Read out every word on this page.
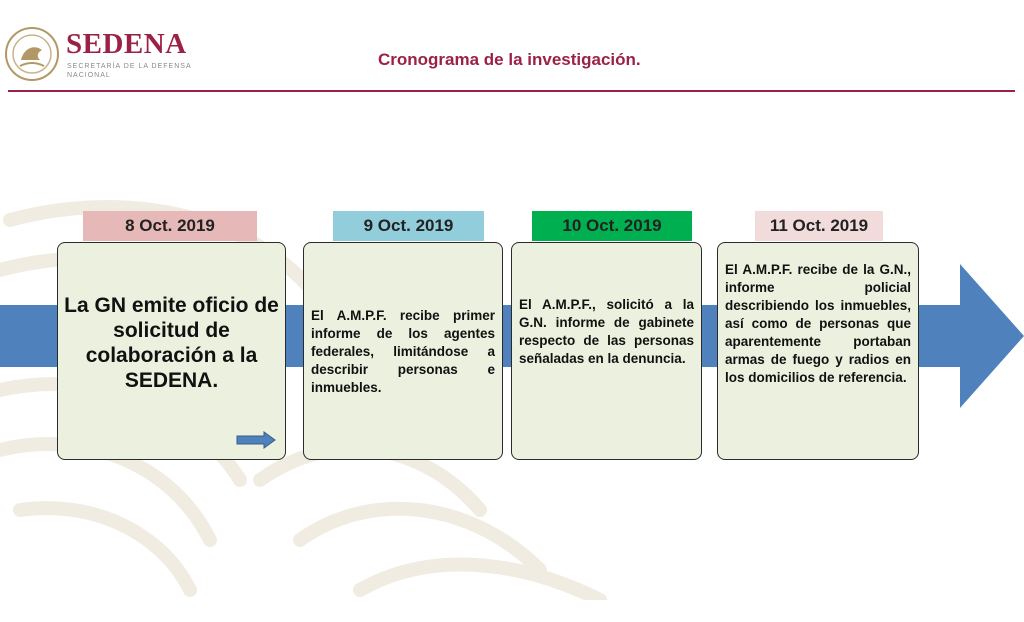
SEDENA
SECRETARÍA DE LA DEFENSA NACIONAL
Cronograma de la investigación.
8 Oct. 2019
La GN emite oficio de solicitud de colaboración a la SEDENA.
9 Oct. 2019
El A.M.P.F. recibe primer informe de los agentes federales, limitándose a describir personas e inmuebles.
10 Oct. 2019
El A.M.P.F., solicitó a la G.N. informe de gabinete respecto de las personas señaladas en la denuncia.
11 Oct. 2019
El A.M.P.F. recibe de la G.N., informe policial describiendo los inmuebles, así como de personas que aparentemente portaban armas de fuego y radios en los domicilios de referencia.
